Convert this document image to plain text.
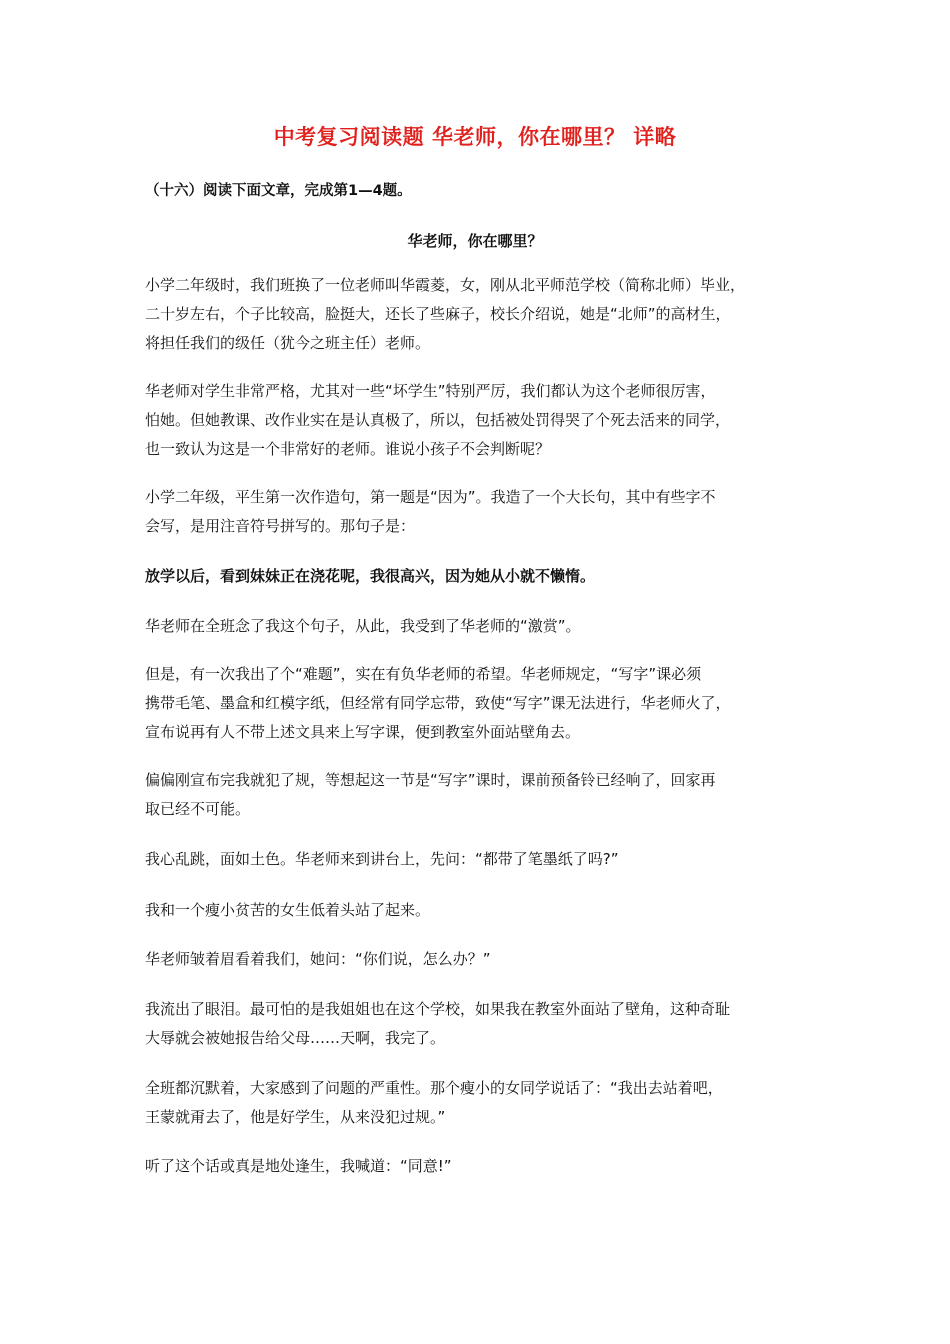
中考复习阅读题 华老师，你在哪里？ 详略

（十六）阅读下面文章，完成第1—4题。

华老师，你在哪里？

小学二年级时，我们班换了一位老师叫华霞菱，女，刚从北平师范学校（简称北师）毕业，
二十岁左右，个子比较高，脸挺大，还长了些麻子，校长介绍说，她是“北师”的高材生，
将担任我们的级任（犹今之班主任）老师。

华老师对学生非常严格，尤其对一些“坏学生”特别严厉，我们都认为这个老师很厉害，
怕她。但她教课、改作业实在是认真极了，所以，包括被处罚得哭了个死去活来的同学，
也一致认为这是一个非常好的老师。谁说小孩子不会判断呢？

小学二年级，平生第一次作造句，第一题是“因为”。我造了一个大长句，其中有些字不
会写，是用注音符号拼写的。那句子是：

放学以后，看到妹妹正在浇花呢，我很高兴，因为她从小就不懒惰。

华老师在全班念了我这个句子，从此，我受到了华老师的“激赏”。

但是，有一次我出了个“难题”，实在有负华老师的希望。华老师规定，“写字”课必须
携带毛笔、墨盒和红模字纸，但经常有同学忘带，致使“写字”课无法进行，华老师火了，
宣布说再有人不带上述文具来上写字课，便到教室外面站壁角去。

偏偏刚宣布完我就犯了规，等想起这一节是“写字”课时，课前预备铃已经响了，回家再
取已经不可能。

我心乱跳，面如土色。华老师来到讲台上，先问：“都带了笔墨纸了吗?”

我和一个瘦小贫苦的女生低着头站了起来。

华老师皱着眉看着我们，她问：“你们说，怎么办？”

我流出了眼泪。最可怕的是我姐姐也在这个学校，如果我在教室外面站了壁角，这种奇耻
大辱就会被她报告给父母……天啊，我完了。

全班都沉默着，大家感到了问题的严重性。那个瘦小的女同学说话了：“我出去站着吧，
王蒙就甭去了，他是好学生，从来没犯过规。”

听了这个话或真是地处逢生，我喊道：“同意!”
